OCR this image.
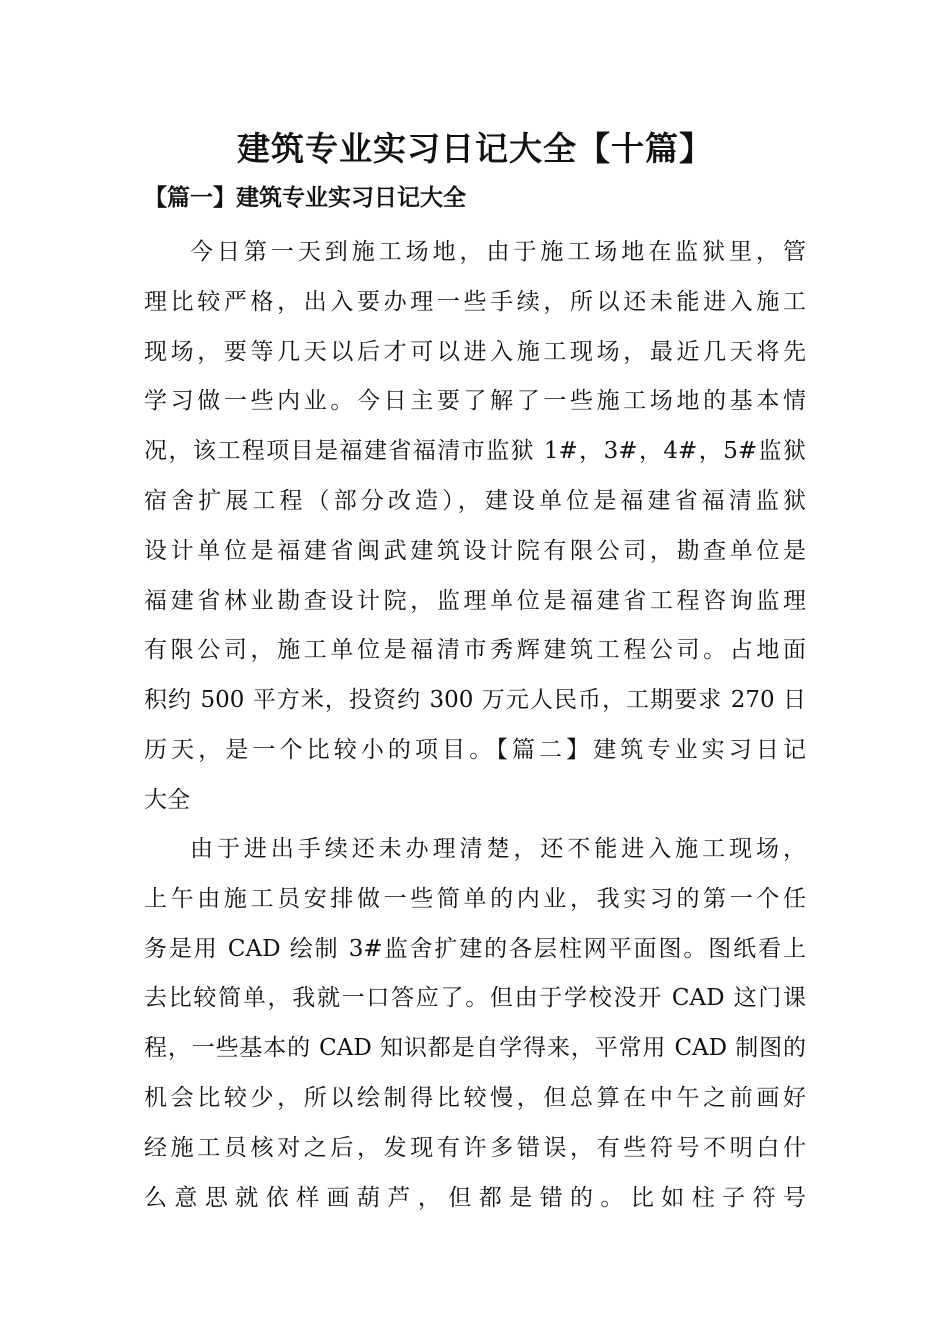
建筑专业实习日记大全【十篇】
【篇一】建筑专业实习日记大全
今日第一天到施工场地，由于施工场地在监狱里，管
理比较严格，出入要办理一些手续，所以还未能进入施工
现场，要等几天以后才可以进入施工现场，最近几天将先
学习做一些内业。今日主要了解了一些施工场地的基本情
况，该工程项目是福建省福清市监狱 1#，3#，4#，5#监狱
宿舍扩展工程（部分改造），建设单位是福建省福清监狱
设计单位是福建省闽武建筑设计院有限公司，勘查单位是
福建省林业勘查设计院，监理单位是福建省工程咨询监理
有限公司，施工单位是福清市秀辉建筑工程公司。占地面
积约 500 平方米，投资约 300 万元人民币，工期要求 270 日
历天，是一个比较小的项目。【篇二】建筑专业实习日记
大全
由于进出手续还未办理清楚，还不能进入施工现场，
上午由施工员安排做一些简单的内业，我实习的第一个任
务是用 CAD 绘制 3#监舍扩建的各层柱网平面图。图纸看上
去比较简单，我就一口答应了。但由于学校没开 CAD 这门课
程，一些基本的 CAD 知识都是自学得来，平常用 CAD 制图的
机会比较少，所以绘制得比较慢，但总算在中午之前画好
经施工员核对之后，发现有许多错误，有些符号不明白什
么意思就依样画葫芦，但都是错的。比如柱子符号
